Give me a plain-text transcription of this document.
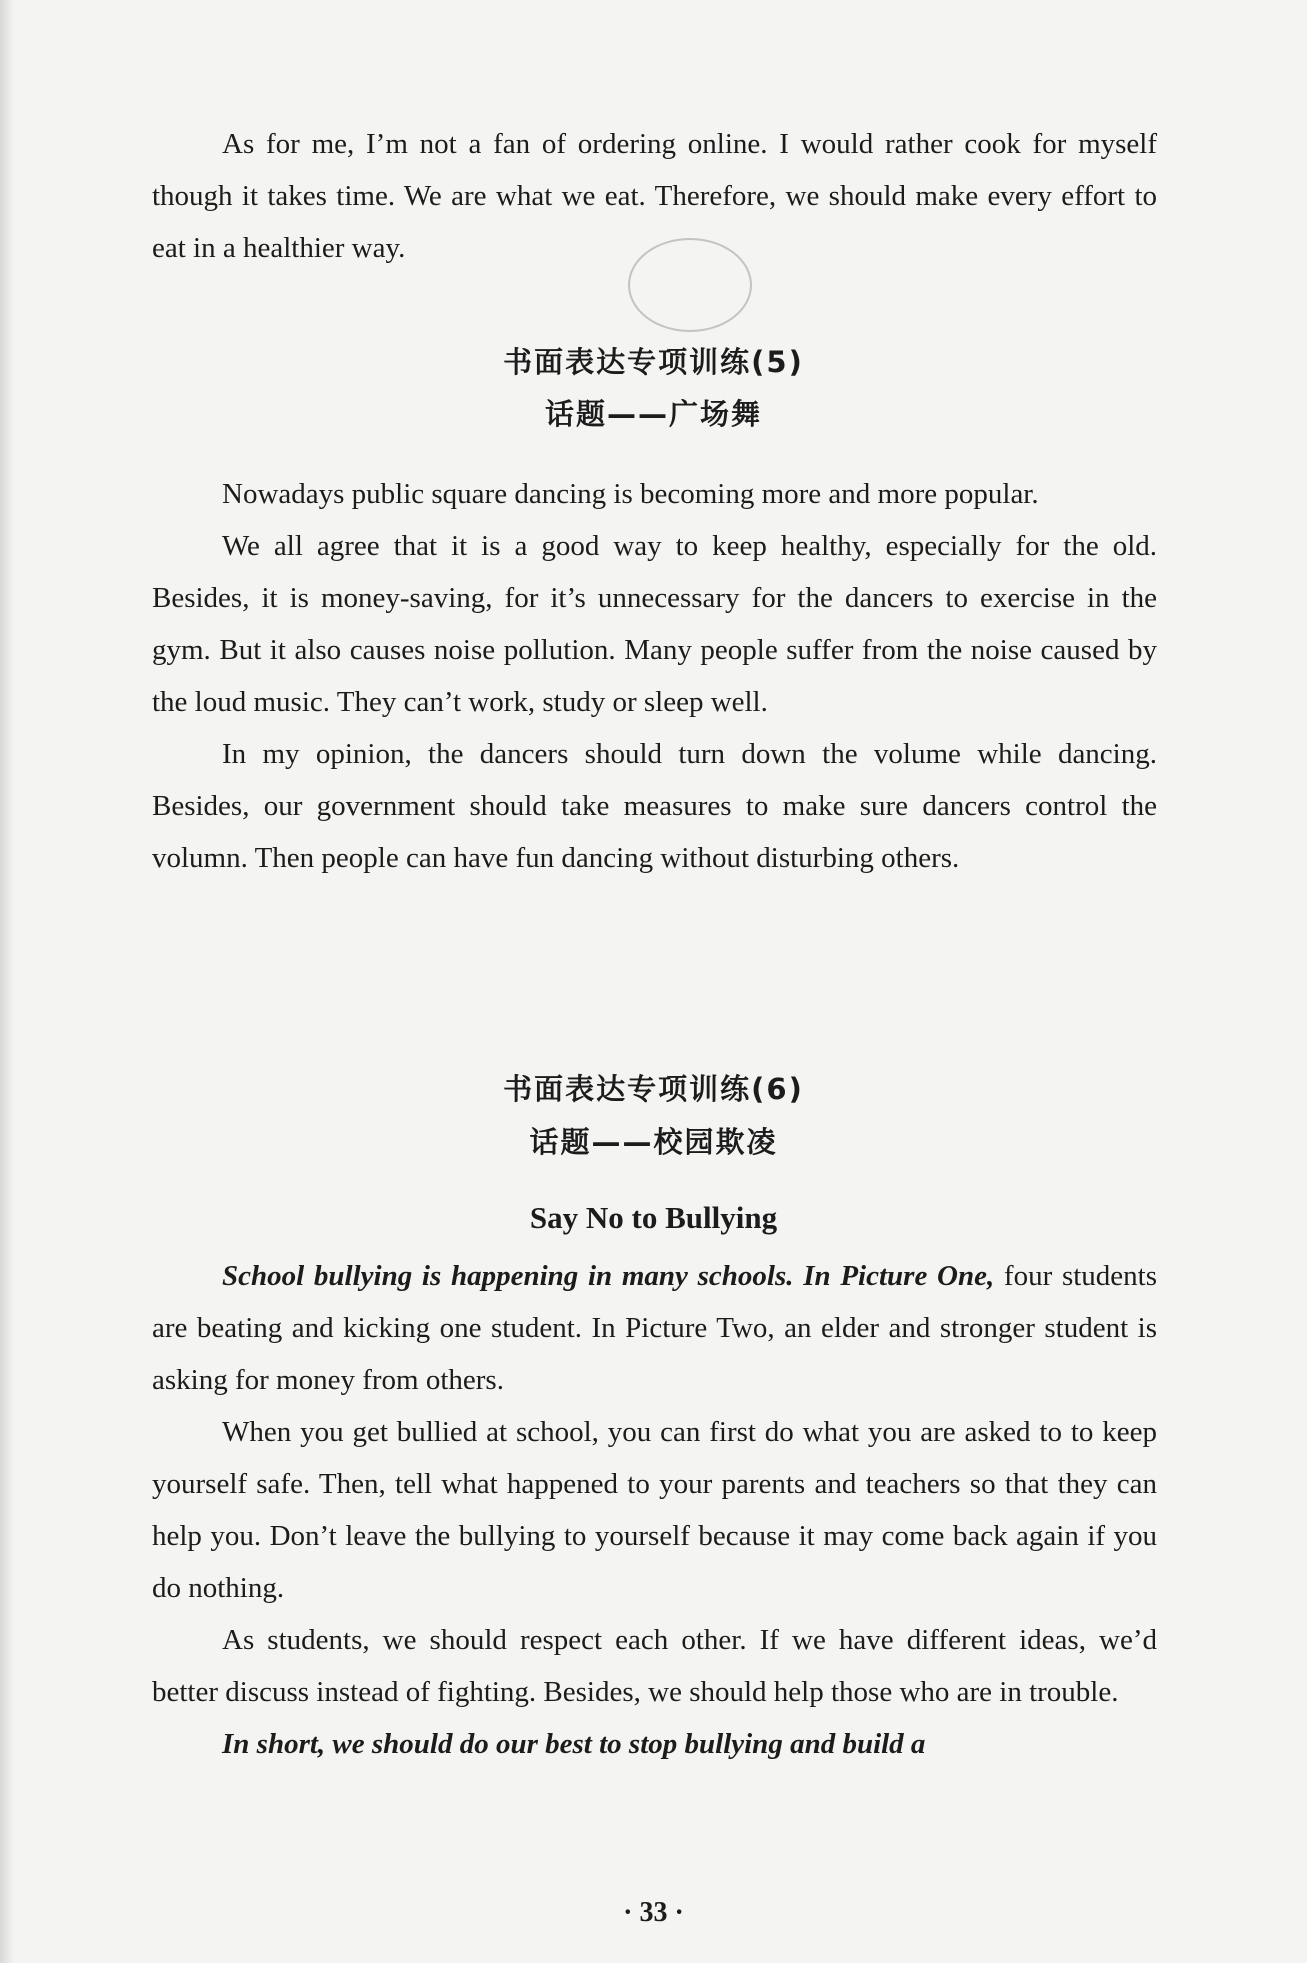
As for me, I’m not a fan of ordering online. I would rather cook for myself though it takes time. We are what we eat. Therefore, we should make every effort to eat in a healthier way.

书面表达专项训练(5)
话题——广场舞

Nowadays public square dancing is becoming more and more popular.

We all agree that it is a good way to keep healthy, especially for the old. Besides, it is money-saving, for it’s unnecessary for the dancers to exercise in the gym. But it also causes noise pollution. Many people suffer from the noise caused by the loud music. They can’t work, study or sleep well.

In my opinion, the dancers should turn down the volume while dancing. Besides, our government should take measures to make sure dancers control the volumn. Then people can have fun dancing without disturbing others.

书面表达专项训练(6)
话题——校园欺凌
Say No to Bullying

School bullying is happening in many schools. In Picture One, four students are beating and kicking one student. In Picture Two, an elder and stronger student is asking for money from others.

When you get bullied at school, you can first do what you are asked to to keep yourself safe. Then, tell what happened to your parents and teachers so that they can help you. Don’t leave the bullying to yourself because it may come back again if you do nothing.

As students, we should respect each other. If we have different ideas, we’d better discuss instead of fighting. Besides, we should help those who are in trouble.

In short, we should do our best to stop bullying and build a

· 33 ·
